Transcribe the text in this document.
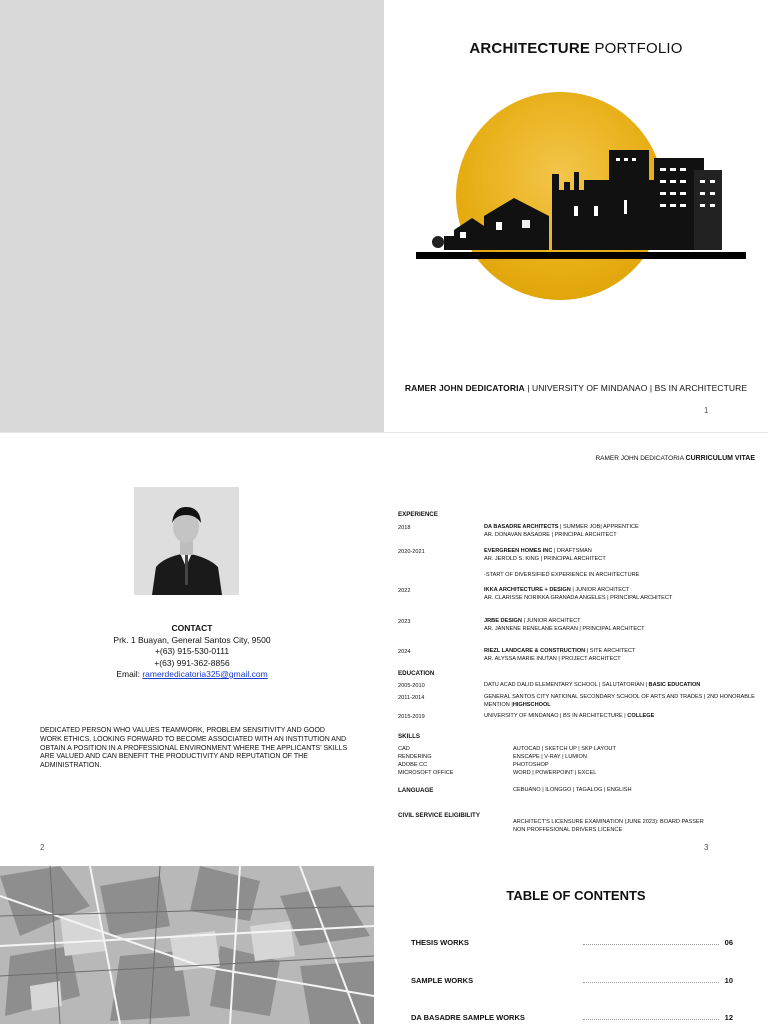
ARCHITECTURE PORTFOLIO
RAMER JOHN DEDICATORIA | UNIVERSITY OF MINDANAO | BS IN ARCHITECTURE
1
CONTACT
Prk. 1 Buayan, General Santos City, 9500
+(63) 915-530-0111
+(63) 991-362-8856
Email: ramerdedicatoria325@gmail.com
DEDICATED PERSON WHO VALUES TEAMWORK, PROBLEM SENSITIVITY AND GOOD WORK ETHICS. LOOKING FORWARD TO BECOME ASSOCIATED WITH AN INSTITUTION AND OBTAIN A POSITION IN A PROFESSIONAL ENVIRONMENT WHERE THE APPLICANTS' SKILLS ARE VALUED AND CAN BENEFIT THE PRODUCTIVITY AND REPUTATION OF THE ADMINISTRATION.
2
RAMER JOHN DEDICATORIA CURRICULUM VITAE
EXPERIENCE
2018	DA BASADRE ARCHITECTS | SUMMER JOB| APPRENTICE
AR. DONAVAN BASADRE | PRINCIPAL ARCHITECT
2020-2021	EVERGREEN HOMES INC | DRAFTSMAN
AR. JEROLD S. KING | PRINCIPAL ARCHITECT
-START OF DIVERSIFIED EXPERIENCE IN ARCHITECTURE
2022	IKKA ARCHITECTURE + DESIGN | JUNIOR ARCHITECT
AR. CLARISSE NORIKKA GRANADA ANGELES | PRINCIPAL ARCHITECT
2023	JRBE DESIGN | JUNIOR ARCHITECT
AR. JANNENE RENELANE EGARAN | PRINCIPAL ARCHITECT
2024	RIEZL LANDCARE & CONSTRUCTION | SITE ARCHITECT
AR. ALYSSA MARIE INUTAN | PROJECT ARCHITECT
EDUCATION
2005-2010	DATU ACAD DALID ELEMENTARY SCHOOL | SALUTATORIAN | BASIC EDUCATION
2011-2014	GENERAL SANTOS CITY NATIONAL SECONDARY SCHOOL OF ARTS AND TRADES | 2ND HONORABLE MENTION |HIGHSCHOOL
2015-2019	UNIVERSITY OF MINDANAO | BS IN ARCHITECTURE | COLLEGE
SKILLS
CAD	AUTOCAD | SKETCH UP | SKP LAYOUT
RENDERING	ENSCAPE | V-RAY | LUMION
ADOBE CC	PHOTOSHOP
MICROSOFT OFFICE	WORD | POWERPOINT | EXCEL
LANGUAGE	CEBUANO | ILONGGO | TAGALOG | ENGLISH
CIVIL SERVICE ELIGIBILITY
ARCHITECT'S LICENSURE EXAMINATION (JUNE 2023): BOARD PASSER
NON PROFFESIONAL DRIVERS LICENCE
3
TABLE OF CONTENTS
THESIS WORKS	06
SAMPLE WORKS	10
DA BASADRE SAMPLE WORKS	12
